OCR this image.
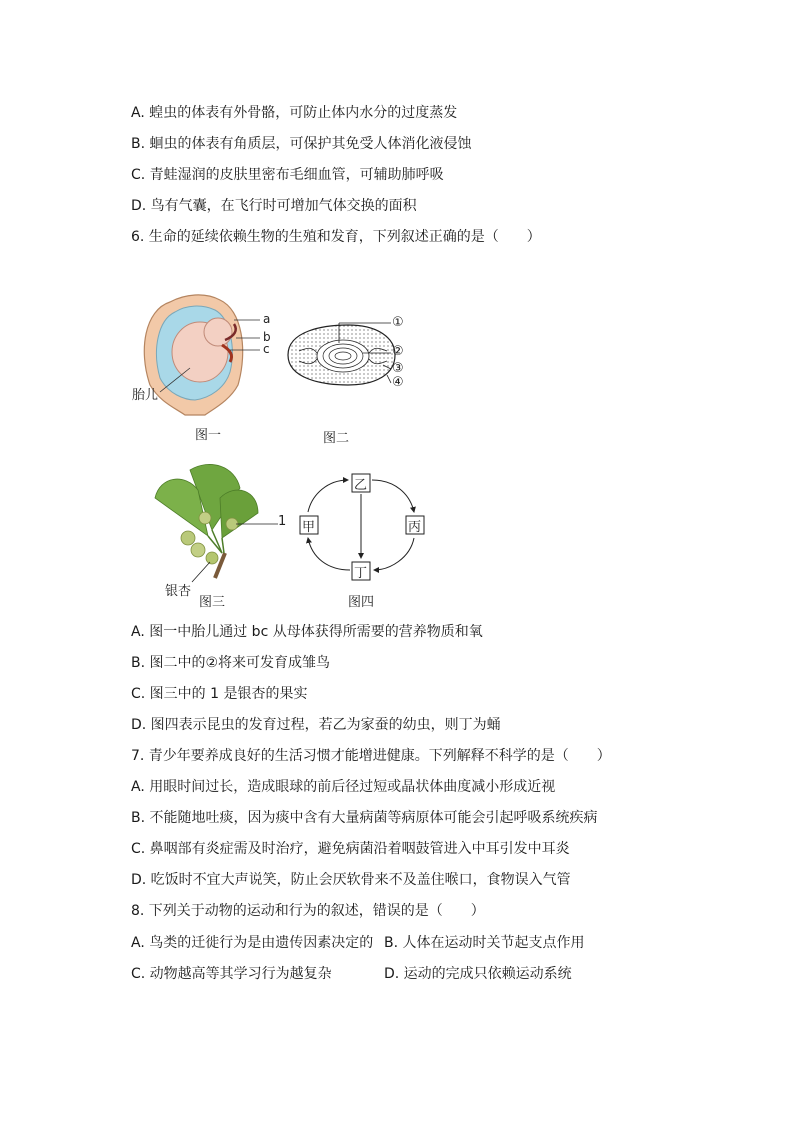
A. 蝗虫的体表有外骨骼，可防止体内水分的过度蒸发
B. 蛔虫的体表有角质层，可保护其免受人体消化液侵蚀
C. 青蛙湿润的皮肤里密布毛细血管，可辅助肺呼吸
D. 鸟有气囊，在飞行时可增加气体交换的面积
6. 生命的延续依赖生物的生殖和发育，下列叙述正确的是（　　）
a
b
c
胎儿
图一
①
②
③
④
图二
1
银杏
图三
乙
甲	丙
丁
图四
A. 图一中胎儿通过 bc 从母体获得所需要的营养物质和氧
B. 图二中的②将来可发育成雏鸟
C. 图三中的 1 是银杏的果实
D. 图四表示昆虫的发育过程，若乙为家蚕的幼虫，则丁为蛹
7. 青少年要养成良好的生活习惯才能增进健康。下列解释不科学的是（　　）
A. 用眼时间过长，造成眼球的前后径过短或晶状体曲度减小形成近视
B. 不能随地吐痰，因为痰中含有大量病菌等病原体可能会引起呼吸系统疾病
C. 鼻咽部有炎症需及时治疗，避免病菌沿着咽鼓管进入中耳引发中耳炎
D. 吃饭时不宜大声说笑，防止会厌软骨来不及盖住喉口，食物误入气管
8. 下列关于动物的运动和行为的叙述，错误的是（　　）
A. 鸟类的迁徙行为是由遗传因素决定的 B. 人体在运动时关节起支点作用
C. 动物越高等其学习行为越复杂	D. 运动的完成只依赖运动系统
